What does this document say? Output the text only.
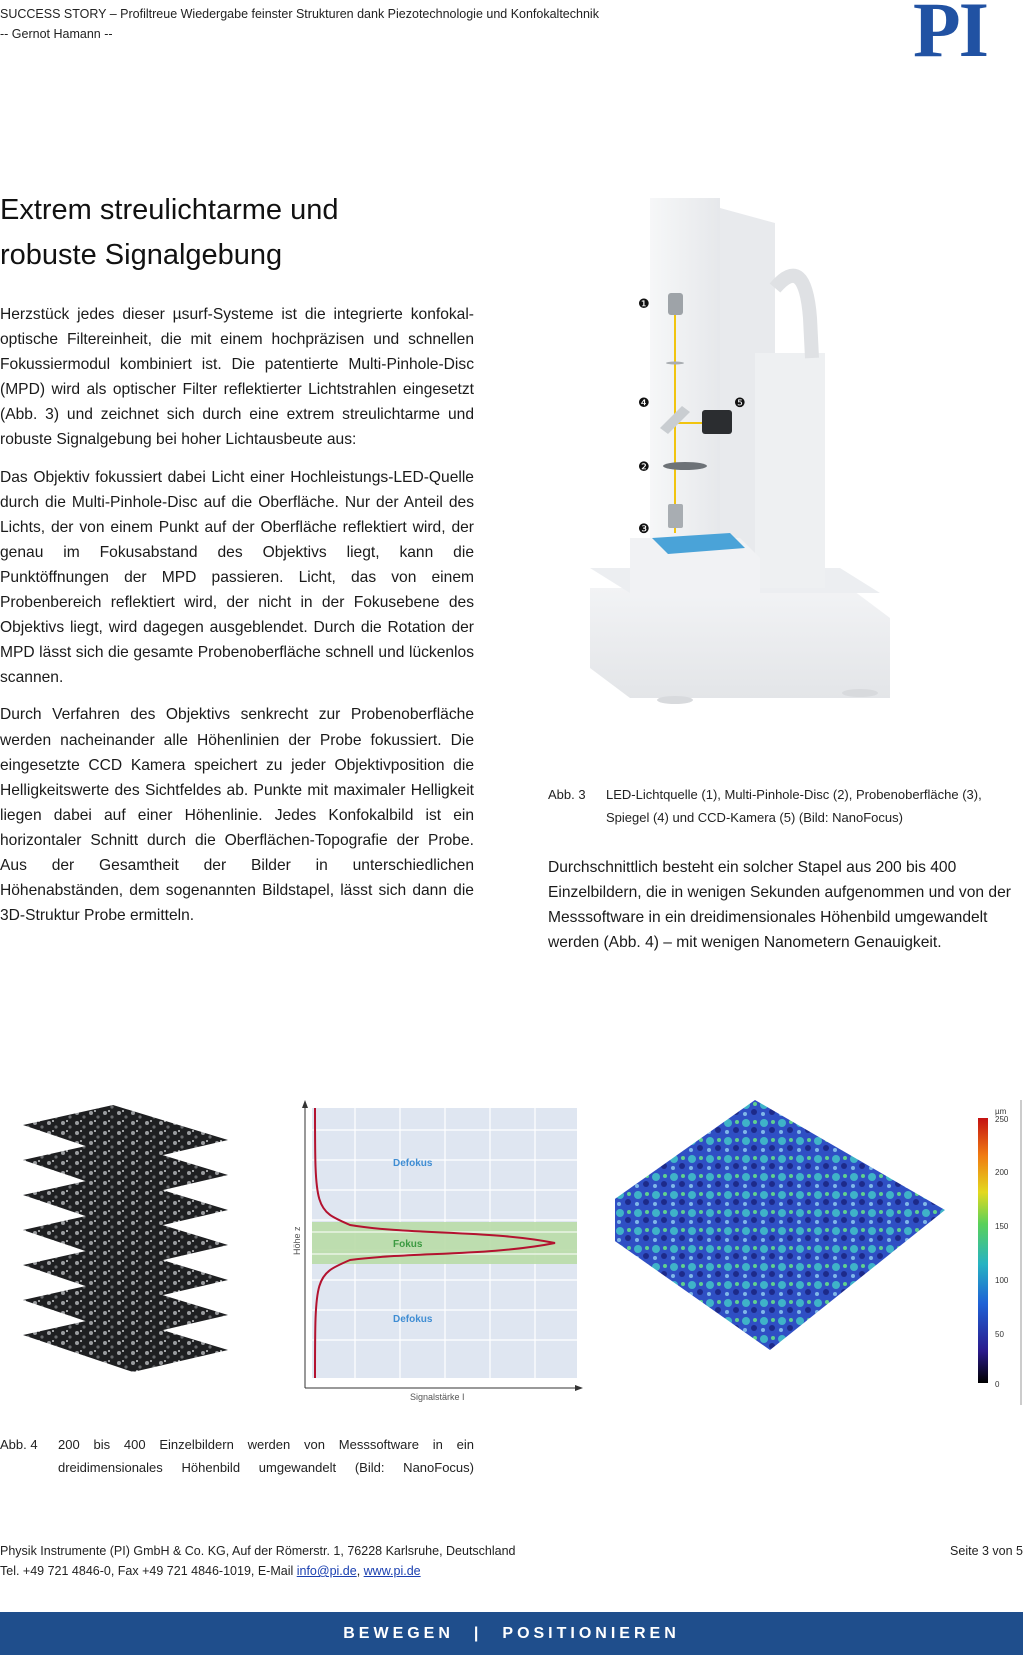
SUCCESS STORY – Profiltreue Wiedergabe feinster Strukturen dank Piezotechnologie und Konfokaltechnik
-- Gernot Hamann --	PI
Extrem streulichtarme und
robuste Signalgebung

Herzstück jedes dieser µsurf-Systeme ist die integrierte konfokal-optische Filtereinheit, die mit einem hochpräzisen und schnellen Fokussiermodul kombiniert ist. Die patentierte Multi-Pinhole-Disc (MPD) wird als optischer Filter reflektierter Lichtstrahlen eingesetzt (Abb. 3) und zeichnet sich durch eine extrem streulichtarme und robuste Signalgebung bei hoher Lichtausbeute aus:

Das Objektiv fokussiert dabei Licht einer Hochleistungs-LED-Quelle durch die Multi-Pinhole-Disc auf die Oberfläche. Nur der Anteil des Lichts, der von einem Punkt auf der Oberfläche reflektiert wird, der genau im Fokusabstand des Objektivs liegt, kann die Punktöffnungen der MPD passieren. Licht, das von einem Probenbereich reflektiert wird, der nicht in der Fokusebene des Objektivs liegt, wird dagegen ausgeblendet. Durch die Rotation der MPD lässt sich die gesamte Probenoberfläche schnell und lückenlos scannen.

Durch Verfahren des Objektivs senkrecht zur Probenoberfläche werden nacheinander alle Höhenlinien der Probe fokussiert. Die eingesetzte CCD Kamera speichert zu jeder Objektivposition die Helligkeitswerte des Sichtfeldes ab. Punkte mit maximaler Helligkeit liegen dabei auf einer Höhenlinie. Jedes Konfokalbild ist ein horizontaler Schnitt durch die Oberflächen-Topografie der Probe. Aus der Gesamtheit der Bilder in unterschiedlichen Höhenabständen, dem sogenannten Bildstapel, lässt sich dann die 3D-Struktur Probe ermitteln.

❶
❹	❺
❷
❸
Abb. 3	LED-Lichtquelle (1), Multi-Pinhole-Disc (2), Probenoberfläche (3), Spiegel (4) und CCD-Kamera (5) (Bild: NanoFocus)

Durchschnittlich besteht ein solcher Stapel aus 200 bis 400 Einzelbildern, die in wenigen Sekunden aufgenommen und von der Messsoftware in ein dreidimensionales Höhenbild umgewandelt werden (Abb. 4) – mit wenigen Nanometern Genauigkeit.

Defokus
Fokus
Defokus
Höhe z
Signalstärke I
µm
250
200
150
100
50
0
Abb. 4	200 bis 400 Einzelbildern werden von Messsoftware in ein dreidimensionales Höhenbild umgewandelt (Bild: NanoFocus)
Physik Instrumente (PI) GmbH & Co. KG, Auf der Römerstr. 1, 76228 Karlsruhe, Deutschland
Tel. +49 721 4846-0, Fax +49 721 4846-1019, E-Mail info@pi.de, www.pi.de
Seite 3 von 5
BEWEGEN | POSITIONIEREN
